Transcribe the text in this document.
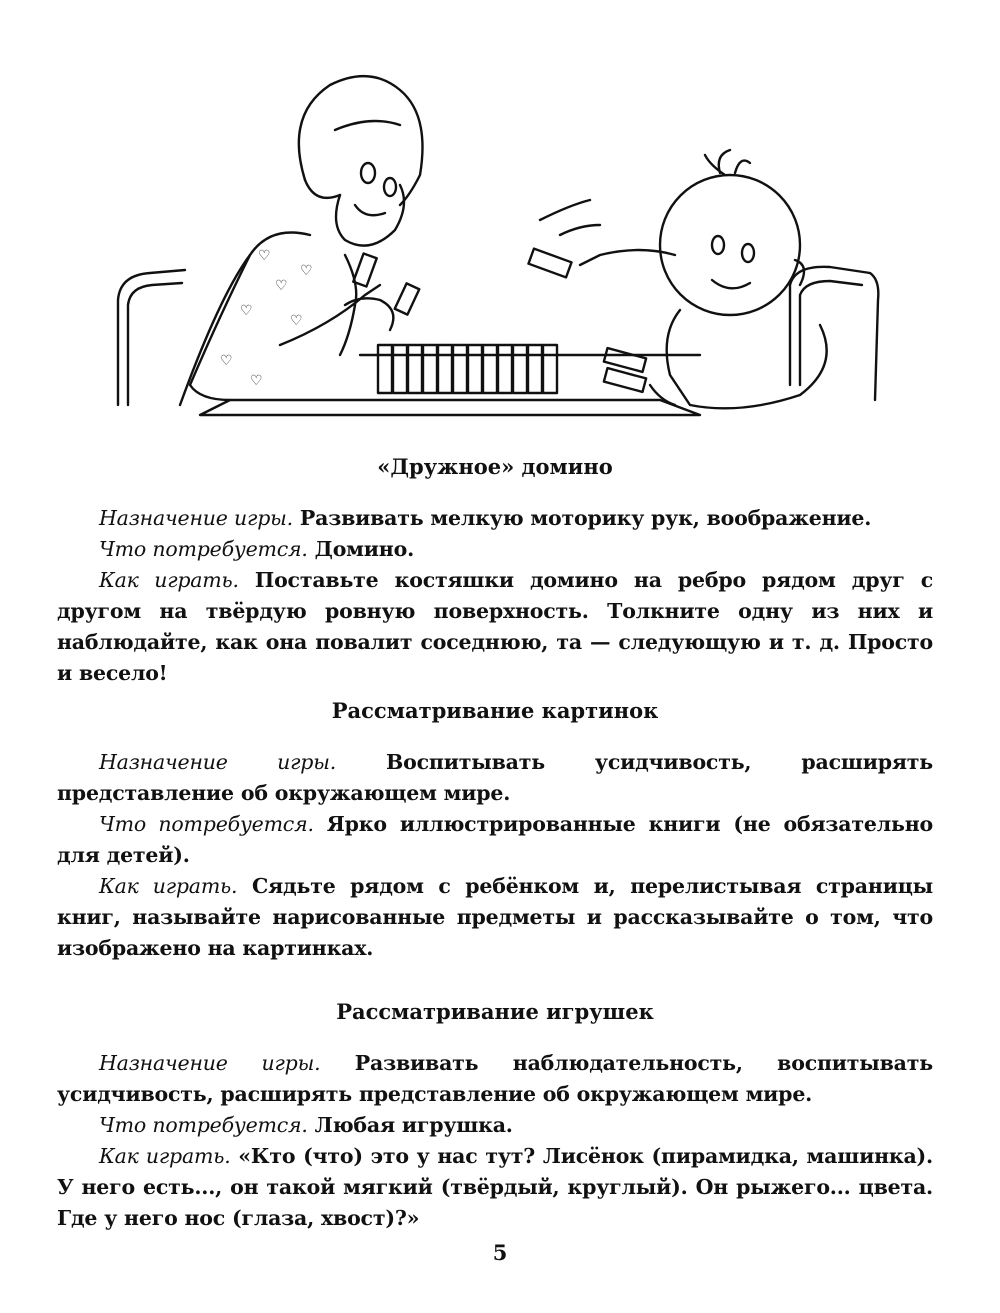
♡
♡
♡
♡
♡
♡
♡
«Дружное» домино

Назначение игры. Развивать мелкую моторику рук, воображение.

Что потребуется. Домино.

Как играть. Поставьте костяшки домино на ребро рядом друг с другом на твёрдую ровную поверхность. Толкните одну из них и наблюдайте, как она повалит соседнюю, та — следующую и т. д. Просто и весело!

Рассматривание картинок

Назначение игры. Воспитывать усидчивость, расширять представление об окружающем мире.

Что потребуется. Ярко иллюстрированные книги (не обязательно для детей).

Как играть. Сядьте рядом с ребёнком и, перелистывая страницы книг, называйте нарисованные предметы и рассказывайте о том, что изображено на картинках.

Рассматривание игрушек

Назначение игры. Развивать наблюдательность, воспитывать усидчивость, расширять представление об окружающем мире.

Что потребуется. Любая игрушка.

Как играть. «Кто (что) это у нас тут? Лисёнок (пирамидка, машинка). У него есть..., он такой мягкий (твёрдый, круглый). Он рыжего... цвета. Где у него нос (глаза, хвост)?»

5
